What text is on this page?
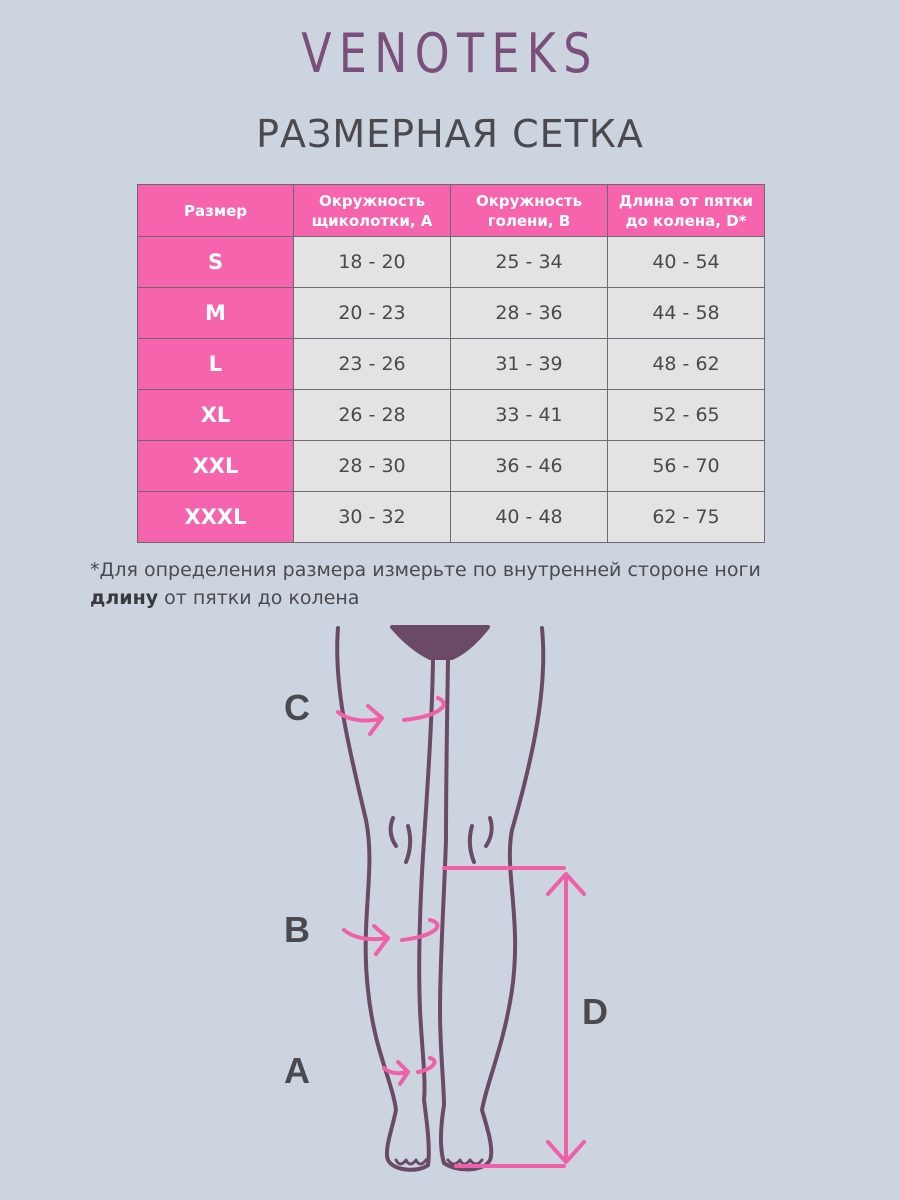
VENOTEKS
РАЗМЕРНАЯ СЕТКА
Размер	Окружность щиколотки, A	Окружность голени, B	Длина от пятки до колена, D*
S	18 - 20	25 - 34	40 - 54
M	20 - 23	28 - 36	44 - 58
L	23 - 26	31 - 39	48 - 62
XL	26 - 28	33 - 41	52 - 65
XXL	28 - 30	36 - 46	56 - 70
XXXL	30 - 32	40 - 48	62 - 75
*Для определения размера измерьте по внутренней стороне ноги длину от пятки до колена
C
B
A
D
